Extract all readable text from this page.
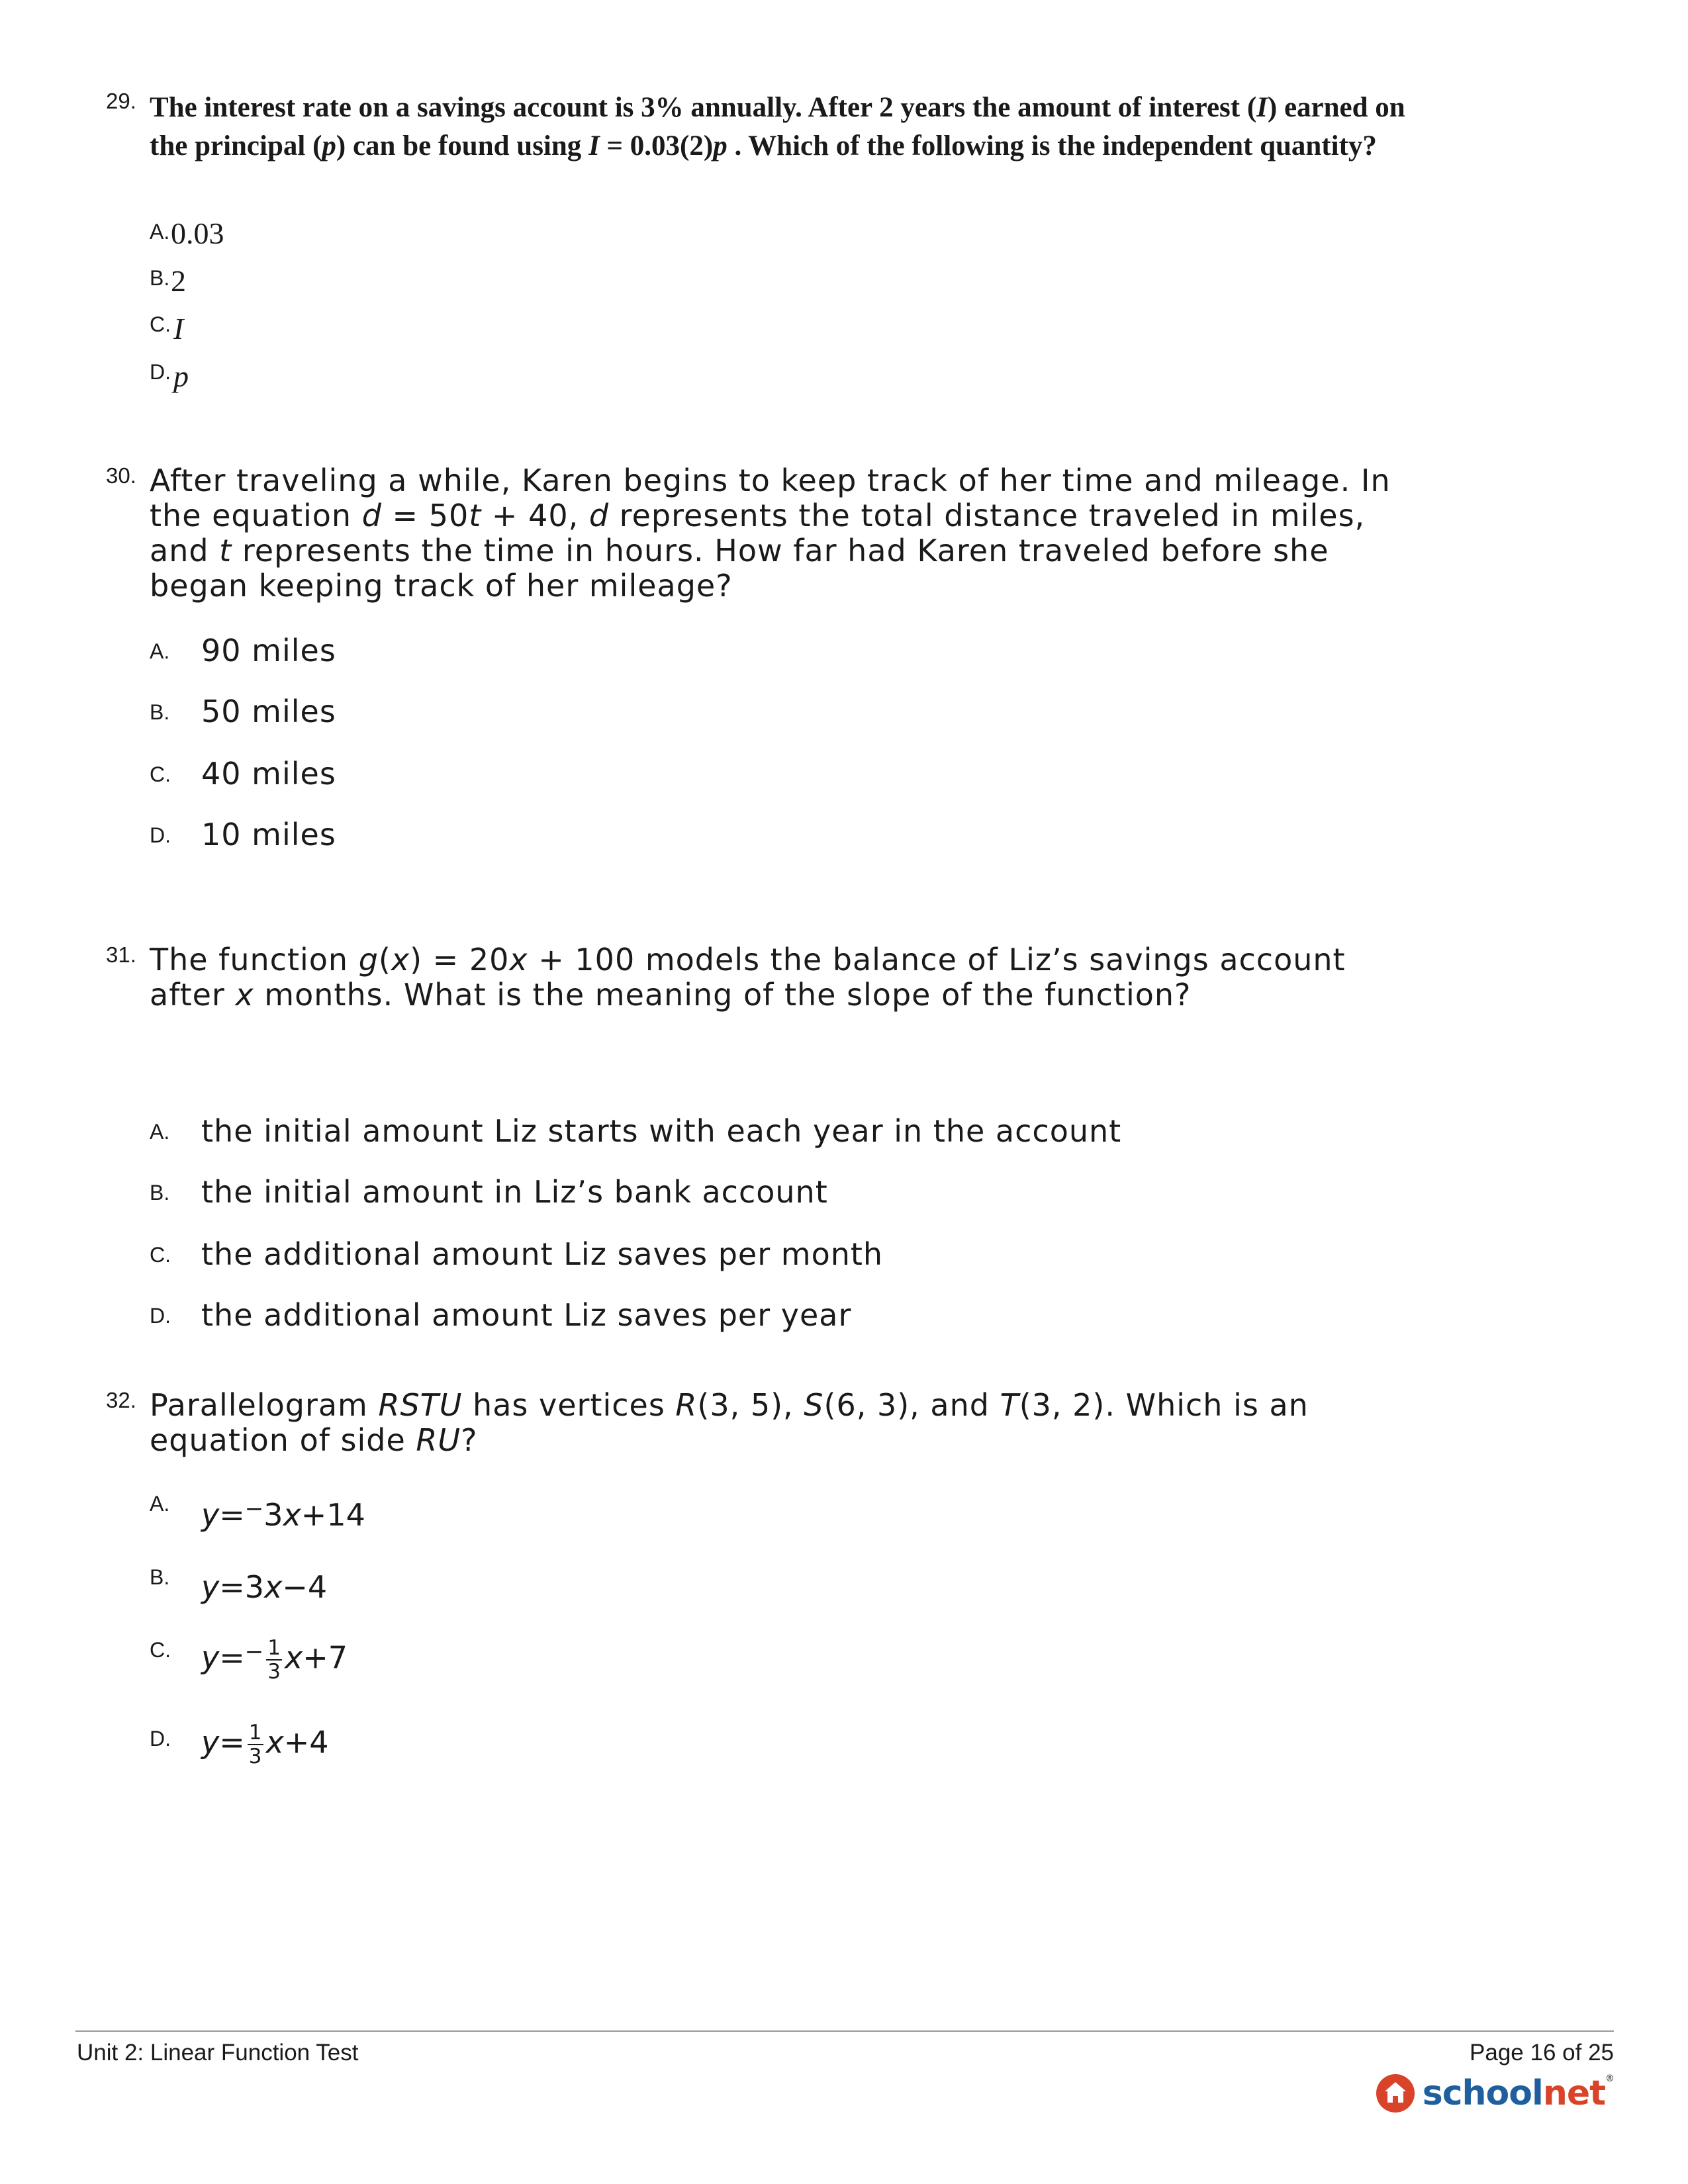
29. The interest rate on a savings account is 3% annually. After 2 years the amount of interest (I) earned on the principal (p) can be found using I = 0.03(2)p . Which of the following is the independent quantity?
A. 0.03
B. 2
C. I
D. p
30. After traveling a while, Karen begins to keep track of her time and mileage. In the equation d = 50t + 40, d represents the total distance traveled in miles, and t represents the time in hours. How far had Karen traveled before she began keeping track of her mileage?
A. 90 miles
B. 50 miles
C. 40 miles
D. 10 miles
31. The function g(x) = 20x + 100 models the balance of Liz’s savings account after x months. What is the meaning of the slope of the function?
A. the initial amount Liz starts with each year in the account
B. the initial amount in Liz’s bank account
C. the additional amount Liz saves per month
D. the additional amount Liz saves per year
32. Parallelogram RSTU has vertices R(3, 5), S(6, 3), and T(3, 2). Which is an equation of side RU?
A. y=−3x+14
B. y=3x−4
C. $y=^- \frac{1}{3} x+7$
D. $y= \frac{1}{3} x+4$
Unit 2: Linear Function Test	Page 16 of 25
schoolnet®
